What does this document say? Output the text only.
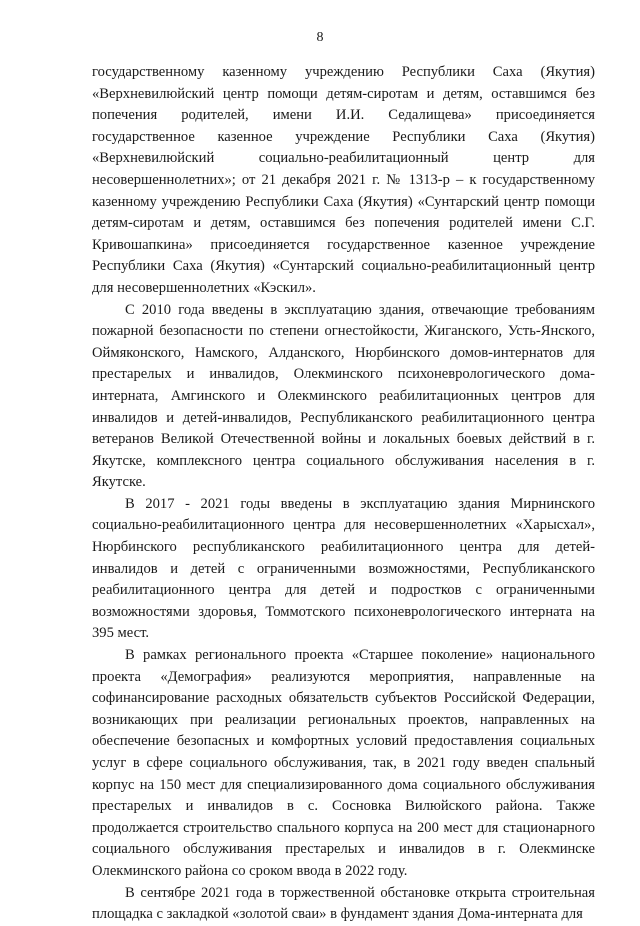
8

государственному казенному учреждению Республики Саха (Якутия) «Верхневилюйский центр помощи детям-сиротам и детям, оставшимся без попечения родителей, имени И.И. Седалищева» присоединяется государственное казенное учреждение Республики Саха (Якутия) «Верхневилюйский социально-реабилитационный центр для несовершеннолетних»; от 21 декабря 2021 г. № 1313-р – к государственному казенному учреждению Республики Саха (Якутия) «Сунтарский центр помощи детям-сиротам и детям, оставшимся без попечения родителей имени С.Г. Кривошапкина» присоединяется государственное казенное учреждение Республики Саха (Якутия) «Сунтарский социально-реабилитационный центр для несовершеннолетних «Кэскил».

С 2010 года введены в эксплуатацию здания, отвечающие требованиям пожарной безопасности по степени огнестойкости, Жиганского, Усть-Янского, Оймяконского, Намского, Алданского, Нюрбинского домов-интернатов для престарелых и инвалидов, Олекминского психоневрологического дома-интерната, Амгинского и Олекминского реабилитационных центров для инвалидов и детей-инвалидов, Республиканского реабилитационного центра ветеранов Великой Отечественной войны и локальных боевых действий в г. Якутске, комплексного центра социального обслуживания населения в г. Якутске.

В 2017 - 2021 годы введены в эксплуатацию здания Мирнинского социально-реабилитационного центра для несовершеннолетних «Харысхал», Нюрбинского республиканского реабилитационного центра для детей-инвалидов и детей с ограниченными возможностями, Республиканского реабилитационного центра для детей и подростков с ограниченными возможностями здоровья, Томмотского психоневрологического интерната на 395 мест.

В рамках регионального проекта «Старшее поколение» национального проекта «Демография» реализуются мероприятия, направленные на софинансирование расходных обязательств субъектов Российской Федерации, возникающих при реализации региональных проектов, направленных на обеспечение безопасных и комфортных условий предоставления социальных услуг в сфере социального обслуживания, так, в 2021 году введен спальный корпус на 150 мест для специализированного дома социального обслуживания престарелых и инвалидов в с. Сосновка Вилюйского района. Также продолжается строительство спального корпуса на 200 мест для стационарного социального обслуживания престарелых и инвалидов в г. Олекминске Олекминского района со сроком ввода в 2022 году.

В сентябре 2021 года в торжественной обстановке открыта строительная площадка с закладкой «золотой сваи» в фундамент здания Дома-интерната для
